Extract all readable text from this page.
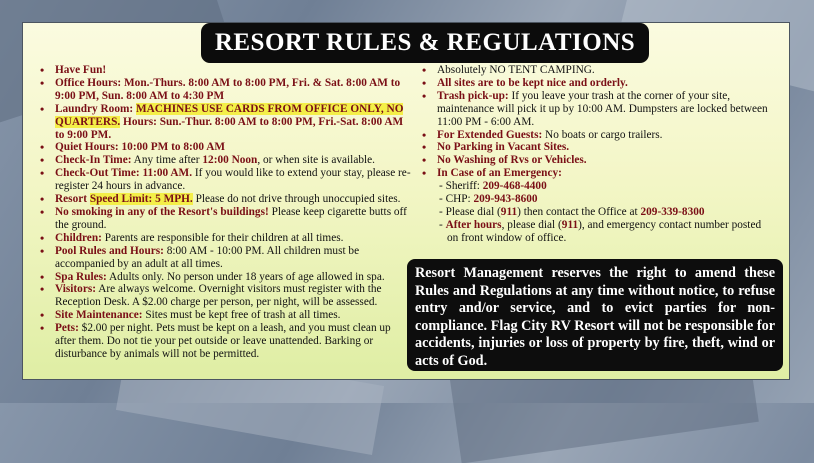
RESORT RULES & REGULATIONS
• Have Fun!
• Office Hours: Mon.-Thurs. 8:00 AM to 8:00 PM, Fri. & Sat. 8:00 AM to 9:00 PM, Sun. 8:00 AM to 4:30 PM
• Laundry Room: MACHINES USE CARDS FROM OFFICE ONLY, NO QUARTERS. Hours: Sun.-Thur. 8:00 AM to 8:00 PM, Fri.-Sat. 8:00 AM to 9:00 PM.
• Quiet Hours: 10:00 PM to 8:00 AM
• Check-In Time: Any time after 12:00 Noon, or when site is available.
• Check-Out Time: 11:00 AM. If you would like to extend your stay, please re-register 24 hours in advance.
• Resort Speed Limit: 5 MPH. Please do not drive through unoccupied sites.
• No smoking in any of the Resort's buildings! Please keep cigarette butts off the ground.
• Children: Parents are responsible for their children at all times.
• Pool Rules and Hours: 8:00 AM - 10:00 PM. All children must be accompanied by an adult at all times.
• Spa Rules: Adults only. No person under 18 years of age allowed in spa.
• Visitors: Are always welcome. Overnight visitors must register with the Reception Desk. A $2.00 charge per person, per night, will be assessed.
• Site Maintenance: Sites must be kept free of trash at all times.
• Pets: $2.00 per night. Pets must be kept on a leash, and you must clean up after them. Do not tie your pet outside or leave unattended. Barking or disturbance by animals will not be permitted.
• Absolutely NO TENT CAMPING.
• All sites are to be kept nice and orderly.
• Trash pick-up: If you leave your trash at the corner of your site, maintenance will pick it up by 10:00 AM. Dumpsters are locked between 11:00 PM - 6:00 AM.
• For Extended Guests: No boats or cargo trailers.
• No Parking in Vacant Sites.
• No Washing of Rvs or Vehicles.
• In Case of an Emergency:
- Sheriff: 209-468-4400
- CHP: 209-943-8600
- Please dial (911) then contact the Office at 209-339-8300
- After hours, please dial (911), and emergency contact number posted on front window of office.
Resort Management reserves the right to amend these Rules and Regulations at any time without notice, to refuse entry and/or service, and to evict parties for non-compliance. Flag City RV Resort will not be responsible for accidents, injuries or loss of property by fire, theft, wind or acts of God.
